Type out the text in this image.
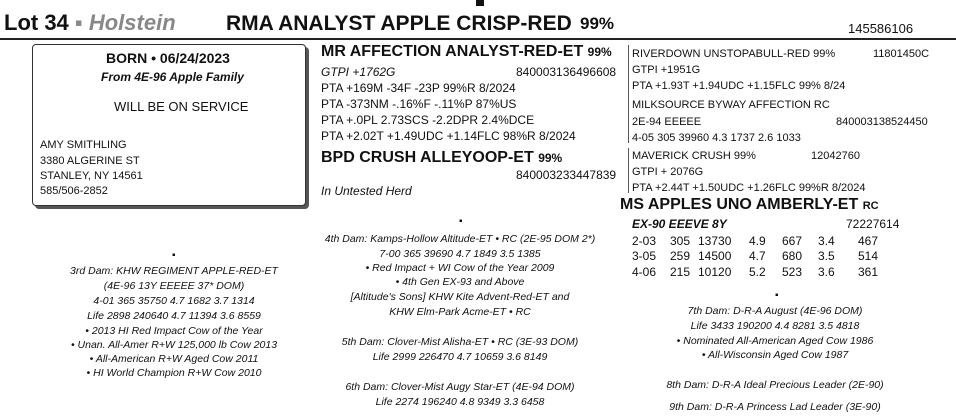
Lot 34 ▪ Holstein RMA ANALYST APPLE CRISP-RED 99%	145586106
BORN • 06/24/2023
From 4E-96 Apple Family
WILL BE ON SERVICE
AMY SMITHLING
3380 ALGERINE ST
STANLEY, NY 14561
585/506-2852
MR AFFECTION ANALYST-RED-ET 99%
GTPI +1762G	840003136496608
PTA +169M -34F -23P 99%R 8/2024
PTA -373NM -.16%F -.11%P 87%US
PTA +.0PL 2.73SCS -2.2DPR 2.4%DCE
PTA +2.02T +1.49UDC +1.14FLC 98%R 8/2024
BPD CRUSH ALLEYOOP-ET 99%
840003233447839
In Untested Herd
RIVERDOWN UNSTOPABULL-RED 99%	11801450C
GTPI +1951G
PTA +1.93T +1.94UDC +1.15FLC 99% 8/24
MILKSOURCE BYWAY AFFECTION RC
2E-94 EEEEE	840003138524450
4-05 305 39960 4.3 1737 2.6 1033
MAVERICK CRUSH 99%	12042760
GTPI + 2076G
PTA +2.44T +1.50UDC +1.26FLC 99%R 8/2024
MS APPLES UNO AMBERLY-ET RC
EX-90 EEEVE 8Y	72227614
2-03 305 13730 4.9 667 3.4 467
3-05 259 14500 4.7 680 3.5 514
4-06 215 10120 5.2 523 3.6 361
▪
▪
▪
3rd Dam: KHW REGIMENT APPLE-RED-ET
(4E-96 13Y EEEEE 37* DOM)
4-01 365 35750 4.7 1682 3.7 1314
Life 2898 240640 4.7 11394 3.6 8559
• 2013 HI Red Impact Cow of the Year
• Unan. All-Amer R+W 125,000 lb Cow 2013
• All-American R+W Aged Cow 2011
• HI World Champion R+W Cow 2010
4th Dam: Kamps-Hollow Altitude-ET • RC (2E-95 DOM 2*)
7-00 365 39690 4.7 1849 3.5 1385
• Red Impact + WI Cow of the Year 2009
• 4th Gen EX-93 and Above
[Altitude's Sons] KHW Kite Advent-Red-ET and
KHW Elm-Park Acme-ET • RC
5th Dam: Clover-Mist Alisha-ET • RC (3E-93 DOM)
Life 2999 226470 4.7 10659 3.6 8149
6th Dam: Clover-Mist Augy Star-ET (4E-94 DOM)
Life 2274 196240 4.8 9349 3.3 6458
7th Dam: D-R-A August (4E-96 DOM)
Life 3433 190200 4.4 8281 3.5 4818
• Nominated All-American Aged Cow 1986
• All-Wisconsin Aged Cow 1987
8th Dam: D-R-A Ideal Precious Leader (2E-90)
9th Dam: D-R-A Princess Lad Leader (3E-90)
